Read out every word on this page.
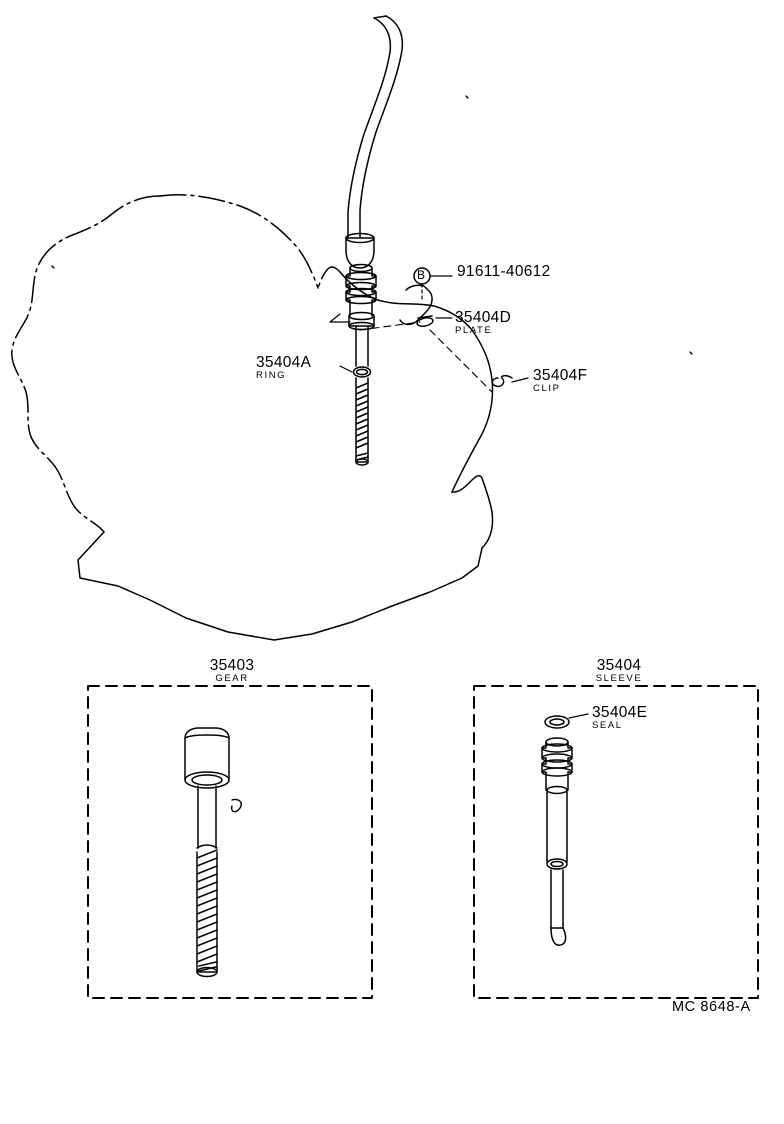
91611-40612
35404D
PLATE
35404F
CLIP
35404A
RING
B
35403
GEAR
35404
SLEEVE
35404E
SEAL
MC 8648-A
